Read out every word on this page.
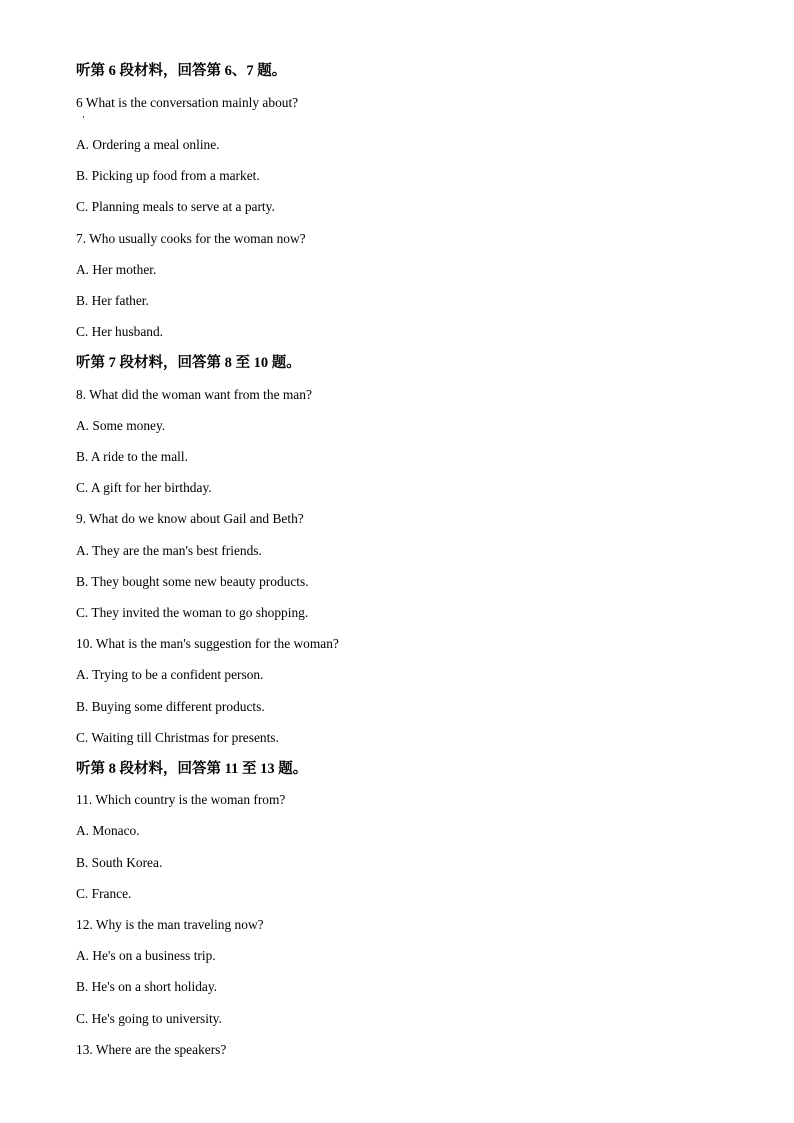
听第 6 段材料，回答第 6、7 题。
6 What is the conversation mainly about?
A. Ordering a meal online.
B. Picking up food from a market.
C. Planning meals to serve at a party.
7. Who usually cooks for the woman now?
A. Her mother.
B. Her father.
C. Her husband.
听第 7 段材料，回答第 8 至 10 题。
8. What did the woman want from the man?
A. Some money.
B. A ride to the mall.
C. A gift for her birthday.
9. What do we know about Gail and Beth?
A. They are the man's best friends.
B. They bought some new beauty products.
C. They invited the woman to go shopping.
10. What is the man's suggestion for the woman?
A. Trying to be a confident person.
B. Buying some different products.
C. Waiting till Christmas for presents.
听第 8 段材料，回答第 11 至 13 题。
11. Which country is the woman from?
A. Monaco.
B. South Korea.
C. France.
12. Why is the man traveling now?
A. He's on a business trip.
B. He's on a short holiday.
C. He's going to university.
13. Where are the speakers?
